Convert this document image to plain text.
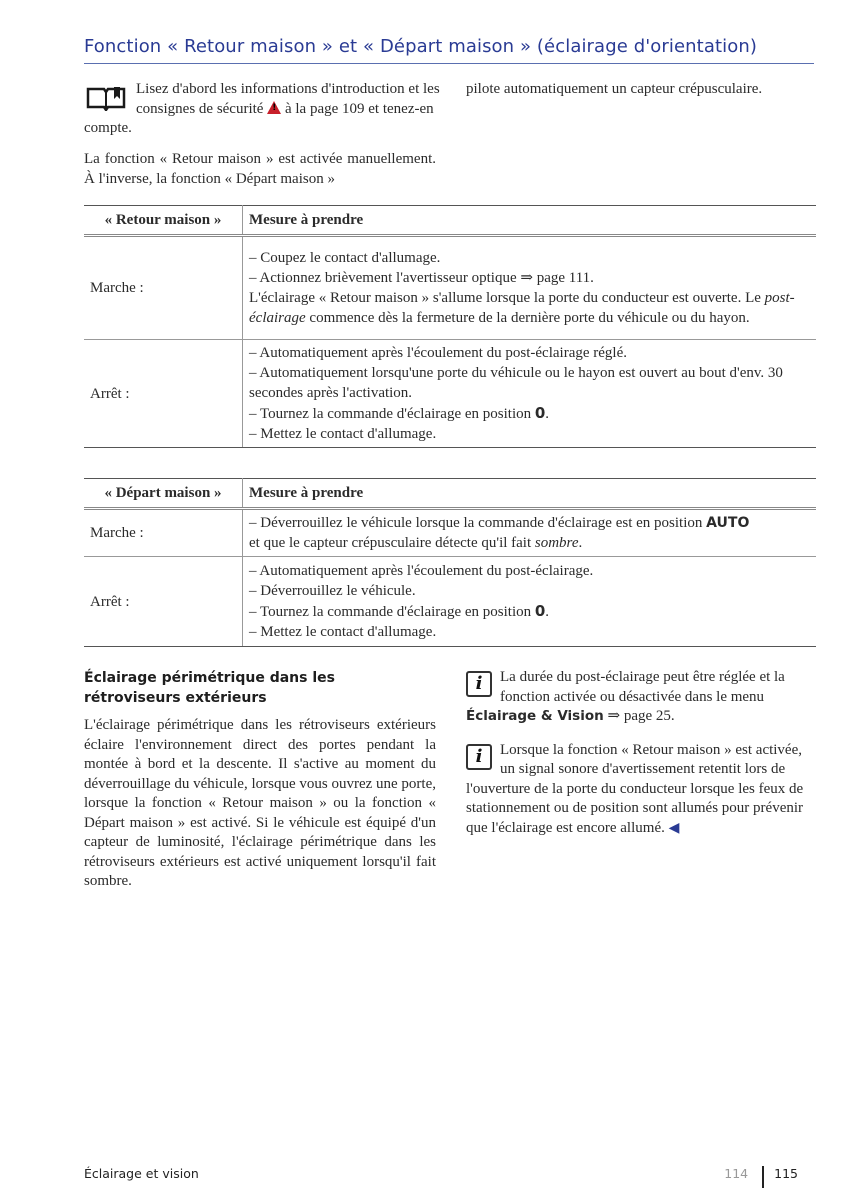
Fonction « Retour maison » et « Départ maison » (éclairage d'orientation)

Lisez d'abord les informations d'introduction et les consignes de sécurité ! à la page 109 et tenez-en compte.

La fonction « Retour maison » est activée manuellement. À l'inverse, la fonction « Départ maison »

pilote automatiquement un capteur crépusculaire.

« Retour maison »	Mesure à prendre
Marche :	– Coupez le contact d'allumage.
– Actionnez brièvement l'avertisseur optique ⇒ page 111.
L'éclairage « Retour maison » s'allume lorsque la porte du conducteur est ouverte. Le post-éclairage commence dès la fermeture de la dernière porte du véhicule ou du hayon.

Arrêt :	– Automatiquement après l'écoulement du post-éclairage réglé.
– Automatiquement lorsqu'une porte du véhicule ou le hayon est ouvert au bout d'env. 30 secondes après l'activation.
– Tournez la commande d'éclairage en position 0.
– Mettez le contact d'allumage.
« Départ maison »	Mesure à prendre
Marche :	– Déverrouillez le véhicule lorsque la commande d'éclairage est en position AUTO
et que le capteur crépusculaire détecte qu'il fait sombre.

Arrêt :	– Automatiquement après l'écoulement du post-éclairage.
– Déverrouillez le véhicule.
– Tournez la commande d'éclairage en position 0.
– Mettez le contact d'allumage.
Éclairage périmétrique dans les rétroviseurs extérieurs

L'éclairage périmétrique dans les rétroviseurs extérieurs éclaire l'environnement direct des portes pendant la montée à bord et la descente. Il s'active au moment du déverrouillage du véhicule, lorsque vous ouvrez une porte, lorsque la fonction « Retour maison » ou la fonction « Départ maison » est activé. Si le véhicule est équipé d'un capteur de luminosité, l'éclairage périmétrique dans les rétroviseurs extérieurs est activé uniquement lorsqu'il fait sombre.

i	La durée du post-éclairage peut être réglée et la fonction activée ou désactivée dans le menu Éclairage & Vision ⇒ page 25.

i	Lorsque la fonction « Retour maison » est activée, un signal sonore d'avertissement retentit lors de l'ouverture de la porte du conducteur lorsque les feux de stationnement ou de position sont allumés pour prévenir que l'éclairage est encore allumé. ◀

Éclairage et vision	114 115
